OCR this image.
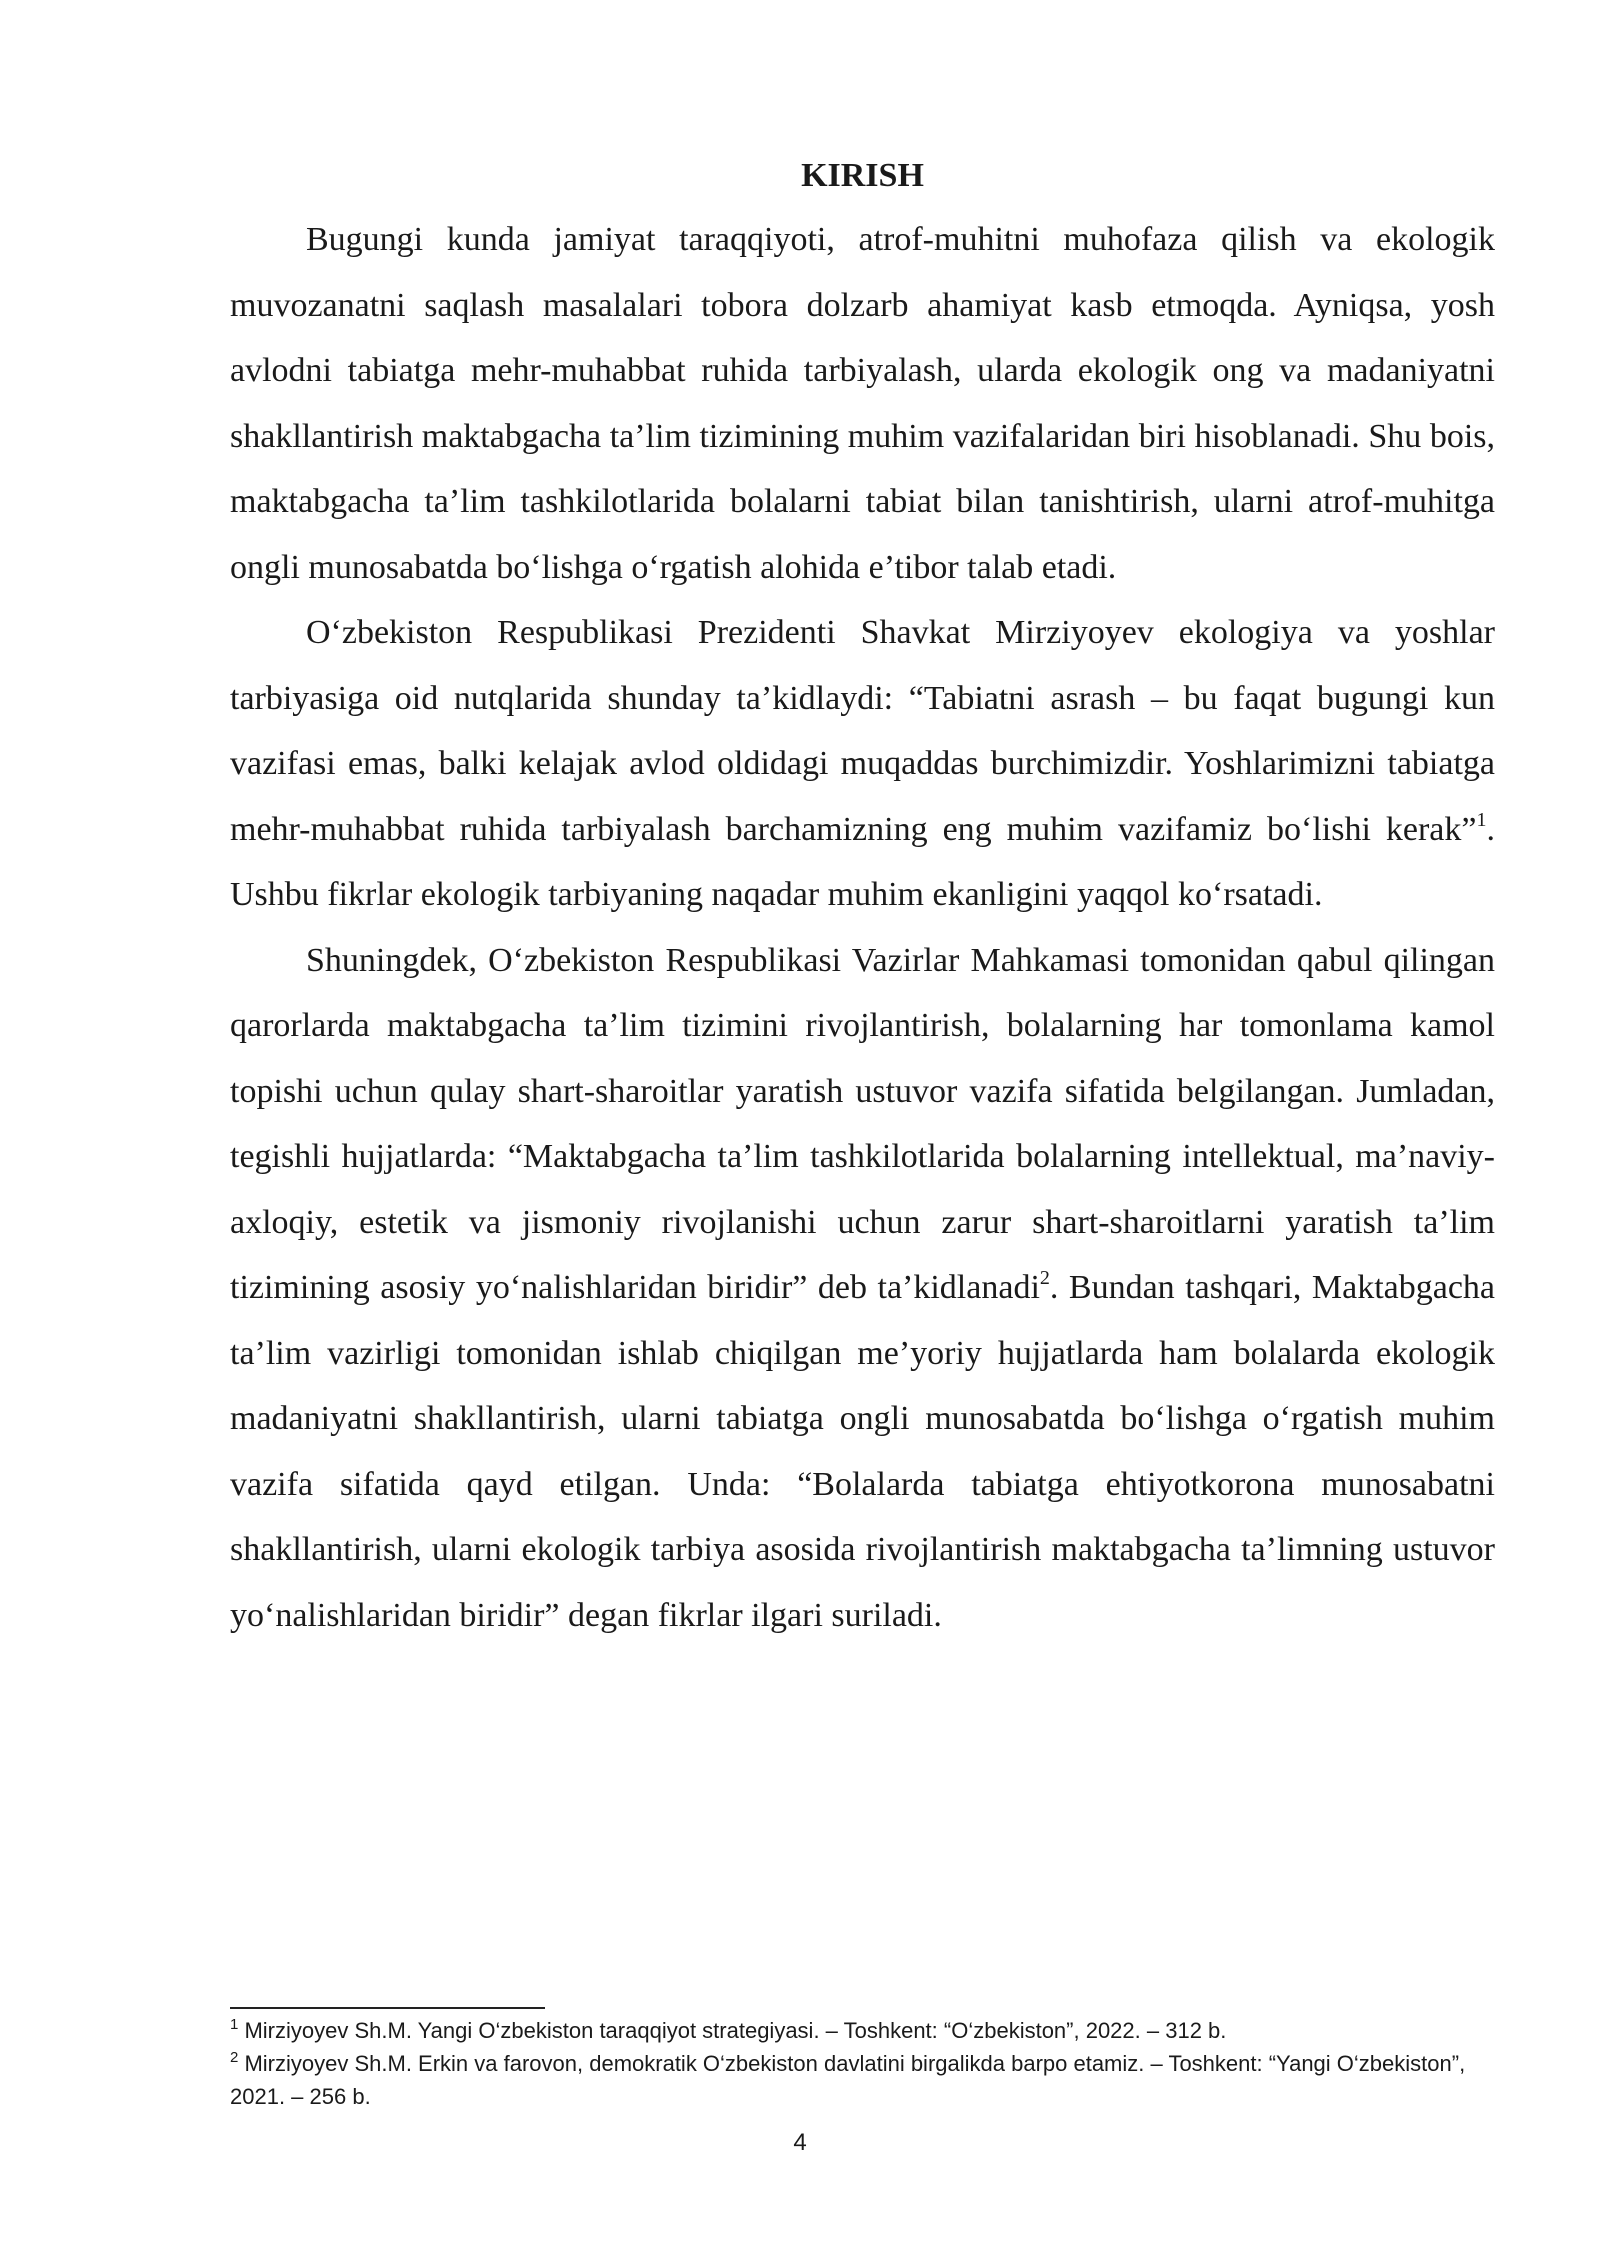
KIRISH

Bugungi kunda jamiyat taraqqiyoti, atrof-muhitni muhofaza qilish va ekologik muvozanatni saqlash masalalari tobora dolzarb ahamiyat kasb etmoqda. Ayniqsa, yosh avlodni tabiatga mehr-muhabbat ruhida tarbiyalash, ularda ekologik ong va madaniyatni shakllantirish maktabgacha ta’lim tizimining muhim vazifalaridan biri hisoblanadi. Shu bois, maktabgacha ta’lim tashkilotlarida bolalarni tabiat bilan tanishtirish, ularni atrof-muhitga ongli munosabatda bo‘lishga o‘rgatish alohida e’tibor talab etadi.

O‘zbekiston Respublikasi Prezidenti Shavkat Mirziyoyev ekologiya va yoshlar tarbiyasiga oid nutqlarida shunday ta’kidlaydi: “Tabiatni asrash – bu faqat bugungi kun vazifasi emas, balki kelajak avlod oldidagi muqaddas burchimizdir. Yoshlarimizni tabiatga mehr-muhabbat ruhida tarbiyalash barchamizning eng muhim vazifamiz bo‘lishi kerak”$^1$. Ushbu fikrlar ekologik tarbiyaning naqadar muhim ekanligini yaqqol ko‘rsatadi.

Shuningdek, O‘zbekiston Respublikasi Vazirlar Mahkamasi tomonidan qabul qilingan qarorlarda maktabgacha ta’lim tizimini rivojlantirish, bolalarning har tomonlama kamol topishi uchun qulay shart-sharoitlar yaratish ustuvor vazifa sifatida belgilangan. Jumladan, tegishli hujjatlarda: “Maktabgacha ta’lim tashkilotlarida bolalarning intellektual, ma’naviy-axloqiy, estetik va jismoniy rivojlanishi uchun zarur shart-sharoitlarni yaratish ta’lim tizimining asosiy yo‘nalishlaridan biridir” deb ta’kidlanadi$^2$. Bundan tashqari, Maktabgacha ta’lim vazirligi tomonidan ishlab chiqilgan me’yoriy hujjatlarda ham bolalarda ekologik madaniyatni shakllantirish, ularni tabiatga ongli munosabatda bo‘lishga o‘rgatish muhim vazifa sifatida qayd etilgan. Unda: “Bolalarda tabiatga ehtiyotkorona munosabatni shakllantirish, ularni ekologik tarbiya asosida rivojlantirish maktabgacha ta’limning ustuvor yo‘nalishlaridan biridir” degan fikrlar ilgari suriladi.

$^1$ Mirziyoyev Sh.M. Yangi O‘zbekiston taraqqiyot strategiyasi. – Toshkent: “O‘zbekiston”, 2022. – 312 b.

$^2$ Mirziyoyev Sh.M. Erkin va farovon, demokratik O‘zbekiston davlatini birgalikda barpo etamiz. – Toshkent: “Yangi O‘zbekiston”, 2021. – 256 b.

4
